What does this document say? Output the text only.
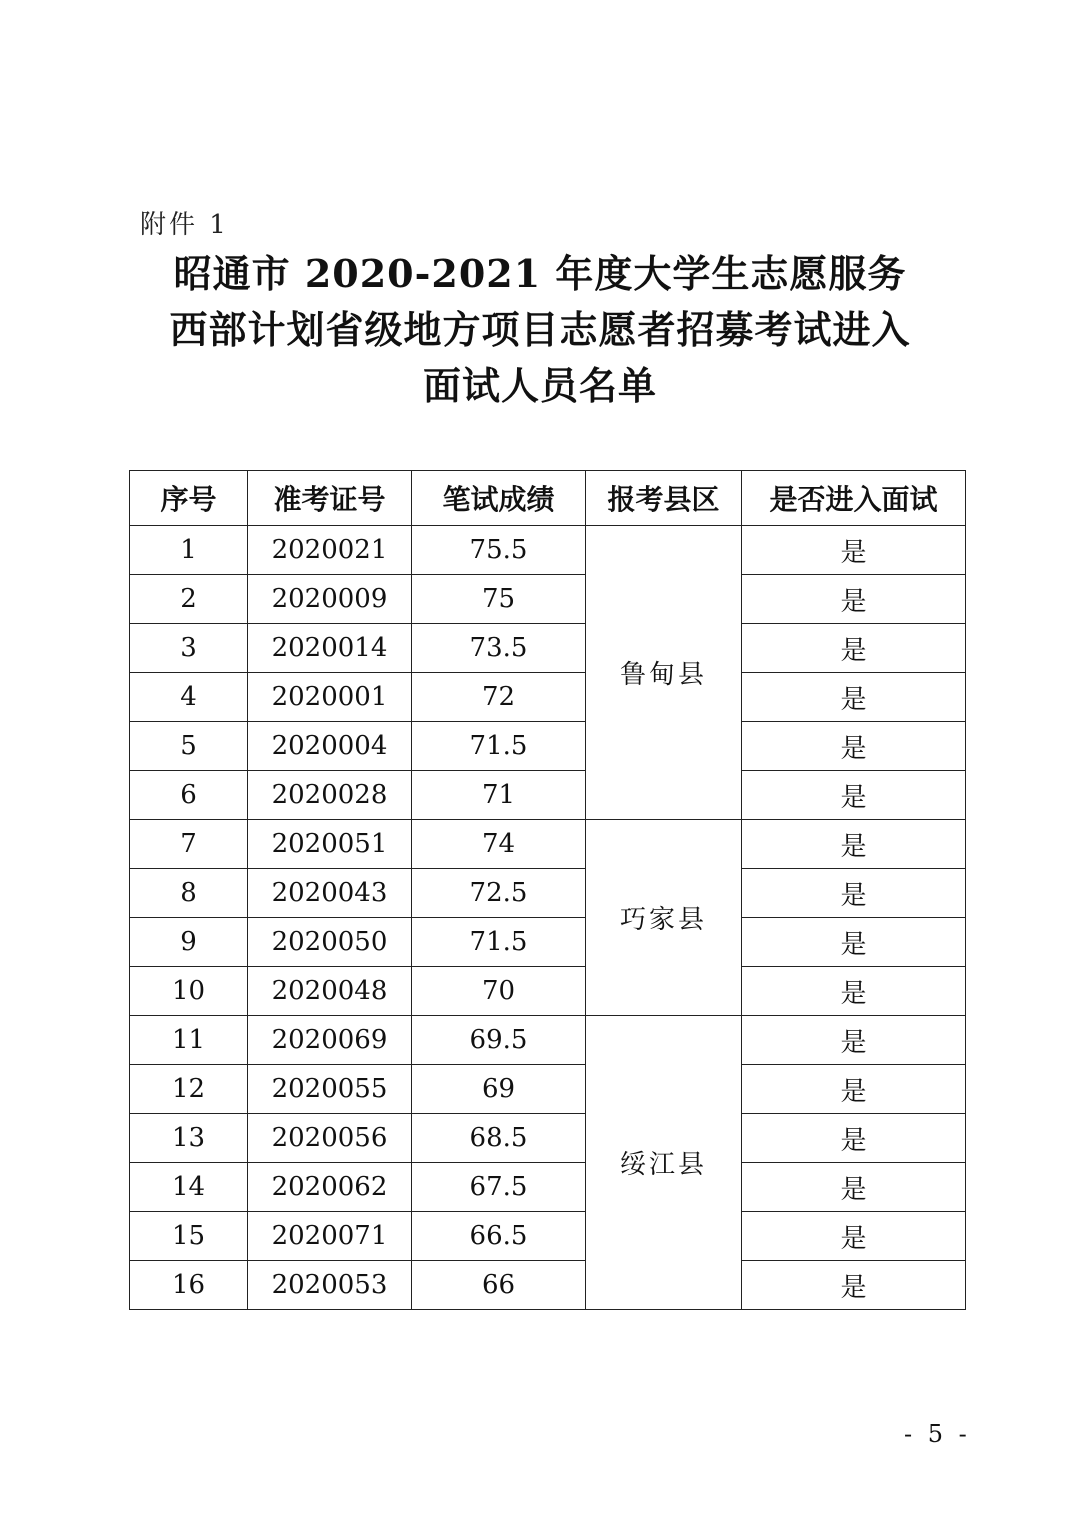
附件 1
昭通市 2020-2021 年度大学生志愿服务
西部计划省级地方项目志愿者招募考试进入
面试人员名单
序号	准考证号	笔试成绩	报考县区	是否进入面试
1	2020021	75.5	鲁甸县	是
2	2020009	75		是
3	2020014	73.5		是
4	2020001	72		是
5	2020004	71.5		是
6	2020028	71		是
7	2020051	74	巧家县	是
8	2020043	72.5		是
9	2020050	71.5		是
10	2020048	70		是
11	2020069	69.5	绥江县	是
12	2020055	69		是
13	2020056	68.5		是
14	2020062	67.5		是
15	2020071	66.5		是
16	2020053	66		是
- 5 -
